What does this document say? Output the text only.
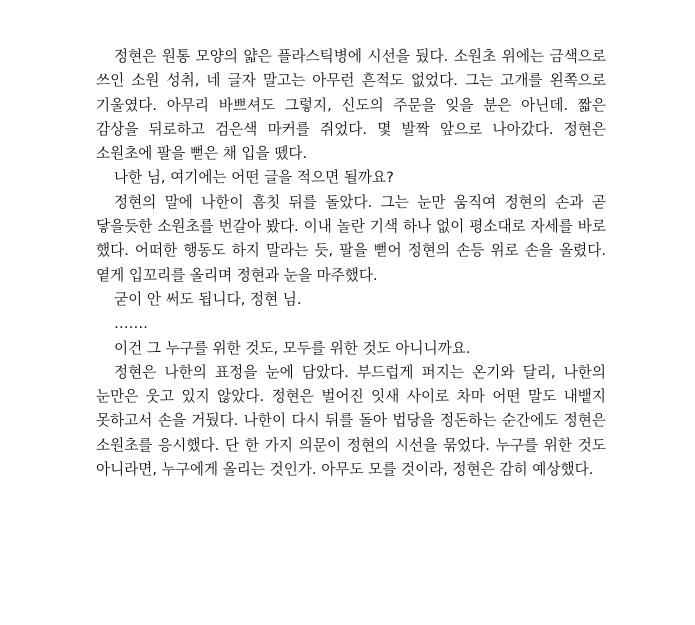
정현은 원통 모양의 얇은 플라스틱병에 시선을 뒀다. 소원초 위에는 금색으로 쓰인 소원 성취, 네 글자 말고는 아무런 흔적도 없었다. 그는 고개를 왼쪽으로 기울였다. 아무리 바쁘셔도 그렇지, 신도의 주문을 잊을 분은 아닌데. 짧은 감상을 뒤로하고 검은색 마커를 쥐었다. 몇 발짝 앞으로 나아갔다. 정현은 소원초에 팔을 뻗은 채 입을 뗐다.

나한 님, 여기에는 어떤 글을 적으면 될까요?

정현의 말에 나한이 흠칫 뒤를 돌았다. 그는 눈만 움직여 정현의 손과 곧 닿을듯한 소원초를 번갈아 봤다. 이내 놀란 기색 하나 없이 평소대로 자세를 바로 했다. 어떠한 행동도 하지 말라는 듯, 팔을 뻗어 정현의 손등 위로 손을 올렸다. 옅게 입꼬리를 올리며 정현과 눈을 마주했다.

굳이 안 써도 됩니다, 정현 님.

…….

이건 그 누구를 위한 것도, 모두를 위한 것도 아니니까요.

정현은 나한의 표정을 눈에 담았다. 부드럽게 퍼지는 온기와 달리, 나한의 눈만은 웃고 있지 않았다. 정현은 벌어진 잇새 사이로 차마 어떤 말도 내뱉지 못하고서 손을 거뒀다. 나한이 다시 뒤를 돌아 법당을 정돈하는 순간에도 정현은 소원초를 응시했다. 단 한 가지 의문이 정현의 시선을 묶었다. 누구를 위한 것도 아니라면, 누구에게 올리는 것인가. 아무도 모를 것이라, 정현은 감히 예상했다.
